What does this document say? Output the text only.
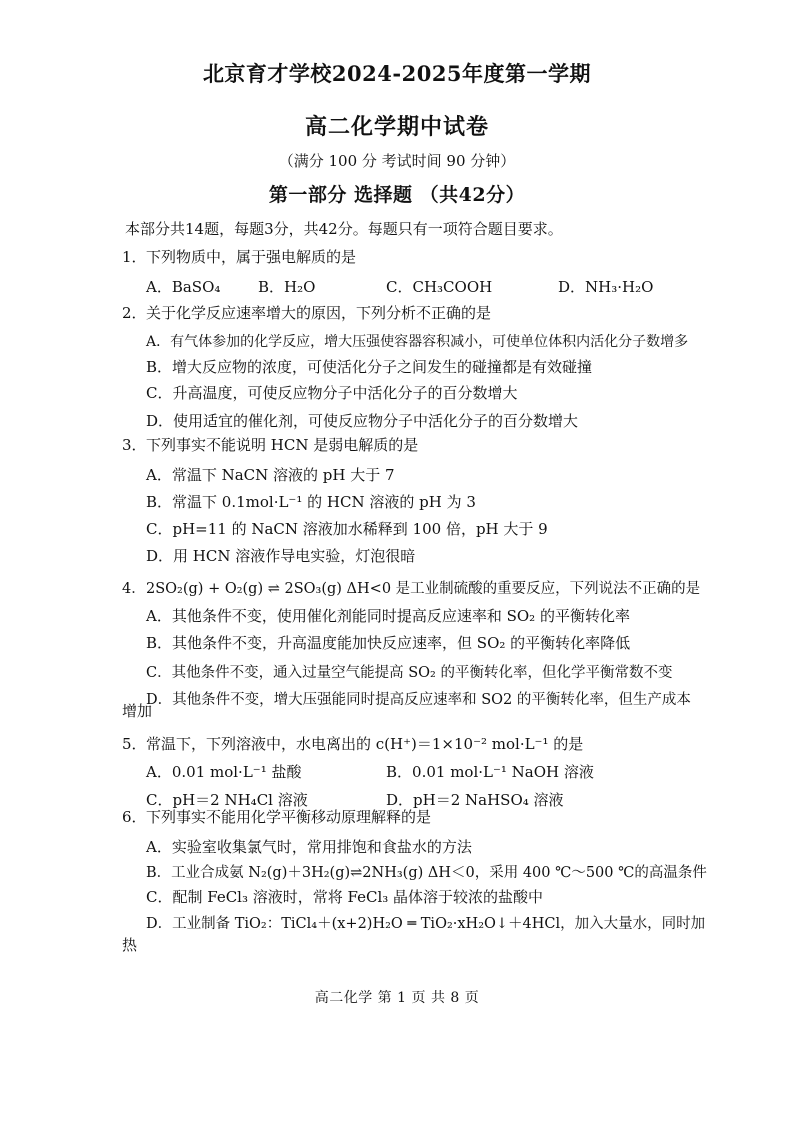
北京育才学校2024-2025年度第一学期
高二化学期中试卷
（满分 100 分 考试时间 90 分钟）
第一部分 选择题 （共42分）
本部分共14题，每题3分，共42分。每题只有一项符合题目要求。
1．下列物质中，属于强电解质的是
A．BaSO₄	B．H₂O	C．CH₃COOH	D．NH₃·H₂O
2．关于化学反应速率增大的原因，下列分析不正确的是
A．有气体参加的化学反应，增大压强使容器容积减小，可使单位体积内活化分子数增多
B．增大反应物的浓度，可使活化分子之间发生的碰撞都是有效碰撞
C．升高温度，可使反应物分子中活化分子的百分数增大
D．使用适宜的催化剂，可使反应物分子中活化分子的百分数增大
3．下列事实不能说明 HCN 是弱电解质的是
A．常温下 NaCN 溶液的 pH 大于 7
B．常温下 0.1mol·L⁻¹ 的 HCN 溶液的 pH 为 3
C．pH=11 的 NaCN 溶液加水稀释到 100 倍，pH 大于 9
D．用 HCN 溶液作导电实验，灯泡很暗
4．2SO₂(g) + O₂(g) ⇌ 2SO₃(g) ΔH<0 是工业制硫酸的重要反应，下列说法不正确的是
A．其他条件不变，使用催化剂能同时提高反应速率和 SO₂ 的平衡转化率
B．其他条件不变，升高温度能加快反应速率，但 SO₂ 的平衡转化率降低
C．其他条件不变，通入过量空气能提高 SO₂ 的平衡转化率，但化学平衡常数不变
D．其他条件不变，增大压强能同时提高反应速率和 SO2 的平衡转化率，但生产成本
增加
5．常温下，下列溶液中，水电离出的 c(H⁺)＝1×10⁻² mol·L⁻¹ 的是
A．0.01 mol·L⁻¹ 盐酸	B．0.01 mol·L⁻¹ NaOH 溶液
C．pH＝2 NH₄Cl 溶液	D．pH＝2 NaHSO₄ 溶液
6．下列事实不能用化学平衡移动原理解释的是
A．实验室收集氯气时，常用排饱和食盐水的方法
B．工业合成氨 N₂(g)＋3H₂(g)⇌2NH₃(g) ΔH＜0，采用 400 ℃～500 ℃的高温条件
C．配制 FeCl₃ 溶液时，常将 FeCl₃ 晶体溶于较浓的盐酸中
D．工业制备 TiO₂：TiCl₄＋(x+2)H₂O ═ TiO₂·xH₂O↓＋4HCl，加入大量水，同时加
热
高二化学 第 1 页 共 8 页
